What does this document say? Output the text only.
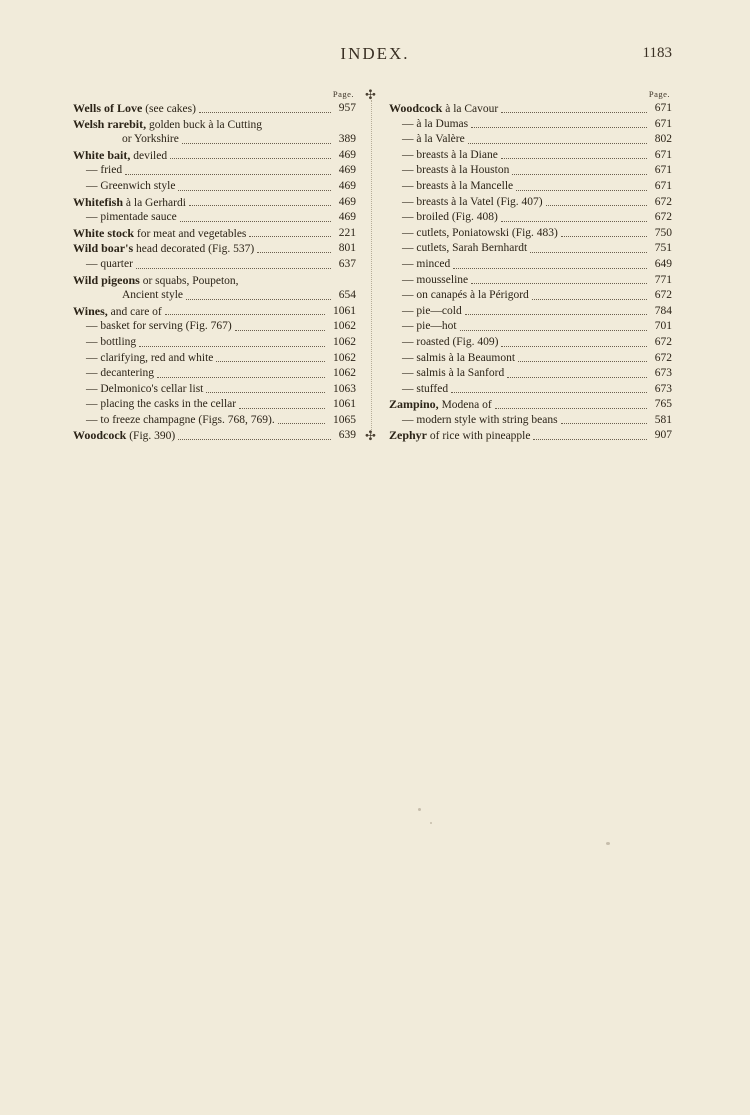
INDEX.	1183
✣
✣
Page.
Wells of Love (see cakes)	957
Welsh rarebit, golden buck à la Cutting
or Yorkshire	389
White bait, deviled	469
— fried	469
— Greenwich style	469
Whitefish à la Gerhardi	469
— pimentade sauce	469
White stock for meat and vegetables	221
Wild boar's head decorated (Fig. 537)	801
— quarter	637
Wild pigeons or squabs, Poupeton,
Ancient style	654
Wines, and care of	1061
— basket for serving (Fig. 767)	1062
— bottling	1062
— clarifying, red and white	1062
— decantering	1062
— Delmonico's cellar list	1063
— placing the casks in the cellar	1061
— to freeze champagne (Figs. 768, 769).	1065
Woodcock (Fig. 390)	639
Page.
Woodcock à la Cavour	671
— à la Dumas	671
— à la Valère	802
— breasts à la Diane	671
— breasts à la Houston	671
— breasts à la Mancelle	671
— breasts à la Vatel (Fig. 407)	672
— broiled (Fig. 408)	672
— cutlets, Poniatowski (Fig. 483)	750
— cutlets, Sarah Bernhardt	751
— minced	649
— mousseline	771
— on canapés à la Périgord	672
— pie—cold	784
— pie—hot	701
— roasted (Fig. 409)	672
— salmis à la Beaumont	672
— salmis à la Sanford	673
— stuffed	673
Zampino, Modena of	765
— modern style with string beans	581
Zephyr of rice with pineapple	907
